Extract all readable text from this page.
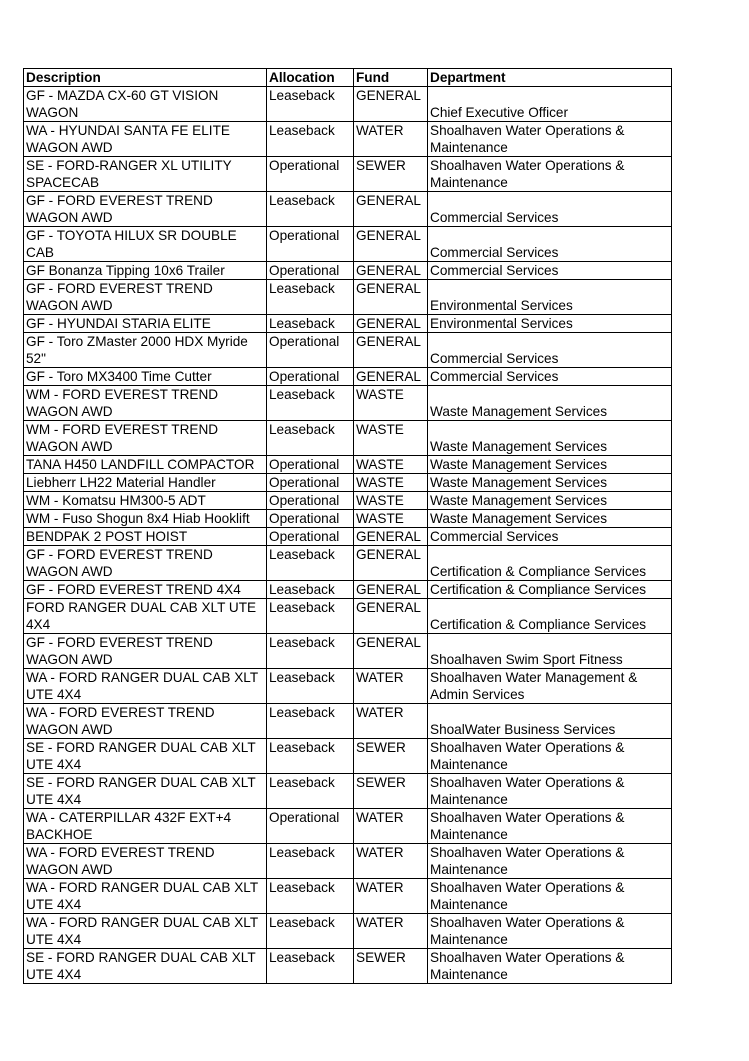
Description	Allocation	Fund	Department
GF - MAZDA CX-60 GT VISION WAGON	Leaseback	GENERAL	Chief Executive Officer
WA - HYUNDAI SANTA FE ELITE WAGON AWD	Leaseback	WATER	Shoalhaven Water Operations & Maintenance
SE - FORD-RANGER XL UTILITY SPACECAB	Operational	SEWER	Shoalhaven Water Operations & Maintenance
GF - FORD EVEREST TREND WAGON AWD	Leaseback	GENERAL	Commercial Services
GF - TOYOTA HILUX SR DOUBLE CAB	Operational	GENERAL	Commercial Services
GF Bonanza Tipping 10x6 Trailer	Operational	GENERAL	Commercial Services
GF - FORD EVEREST TREND WAGON AWD	Leaseback	GENERAL	Environmental Services
GF - HYUNDAI STARIA ELITE	Leaseback	GENERAL	Environmental Services
GF - Toro ZMaster 2000 HDX Myride 52"	Operational	GENERAL	Commercial Services
GF - Toro MX3400 Time Cutter	Operational	GENERAL	Commercial Services
WM - FORD EVEREST TREND WAGON AWD	Leaseback	WASTE	Waste Management Services
WM - FORD EVEREST TREND WAGON AWD	Leaseback	WASTE	Waste Management Services
TANA H450 LANDFILL COMPACTOR	Operational	WASTE	Waste Management Services
Liebherr LH22 Material Handler	Operational	WASTE	Waste Management Services
WM - Komatsu HM300-5 ADT	Operational	WASTE	Waste Management Services
WM - Fuso Shogun 8x4 Hiab Hooklift	Operational	WASTE	Waste Management Services
BENDPAK 2 POST HOIST	Operational	GENERAL	Commercial Services
GF - FORD EVEREST TREND WAGON AWD	Leaseback	GENERAL	Certification & Compliance Services
GF - FORD EVEREST TREND 4X4	Leaseback	GENERAL	Certification & Compliance Services
FORD RANGER DUAL CAB XLT UTE 4X4	Leaseback	GENERAL	Certification & Compliance Services
GF - FORD EVEREST TREND WAGON AWD	Leaseback	GENERAL	Shoalhaven Swim Sport Fitness
WA - FORD RANGER DUAL CAB XLT UTE 4X4	Leaseback	WATER	Shoalhaven Water Management & Admin Services
WA - FORD EVEREST TREND WAGON AWD	Leaseback	WATER	ShoalWater Business Services
SE - FORD RANGER DUAL CAB XLT UTE 4X4	Leaseback	SEWER	Shoalhaven Water Operations & Maintenance
SE - FORD RANGER DUAL CAB XLT UTE 4X4	Leaseback	SEWER	Shoalhaven Water Operations & Maintenance
WA - CATERPILLAR 432F EXT+4 BACKHOE	Operational	WATER	Shoalhaven Water Operations & Maintenance
WA - FORD EVEREST TREND WAGON AWD	Leaseback	WATER	Shoalhaven Water Operations & Maintenance
WA - FORD RANGER DUAL CAB XLT UTE 4X4	Leaseback	WATER	Shoalhaven Water Operations & Maintenance
WA - FORD RANGER DUAL CAB XLT UTE 4X4	Leaseback	WATER	Shoalhaven Water Operations & Maintenance
SE - FORD RANGER DUAL CAB XLT UTE 4X4	Leaseback	SEWER	Shoalhaven Water Operations & Maintenance
